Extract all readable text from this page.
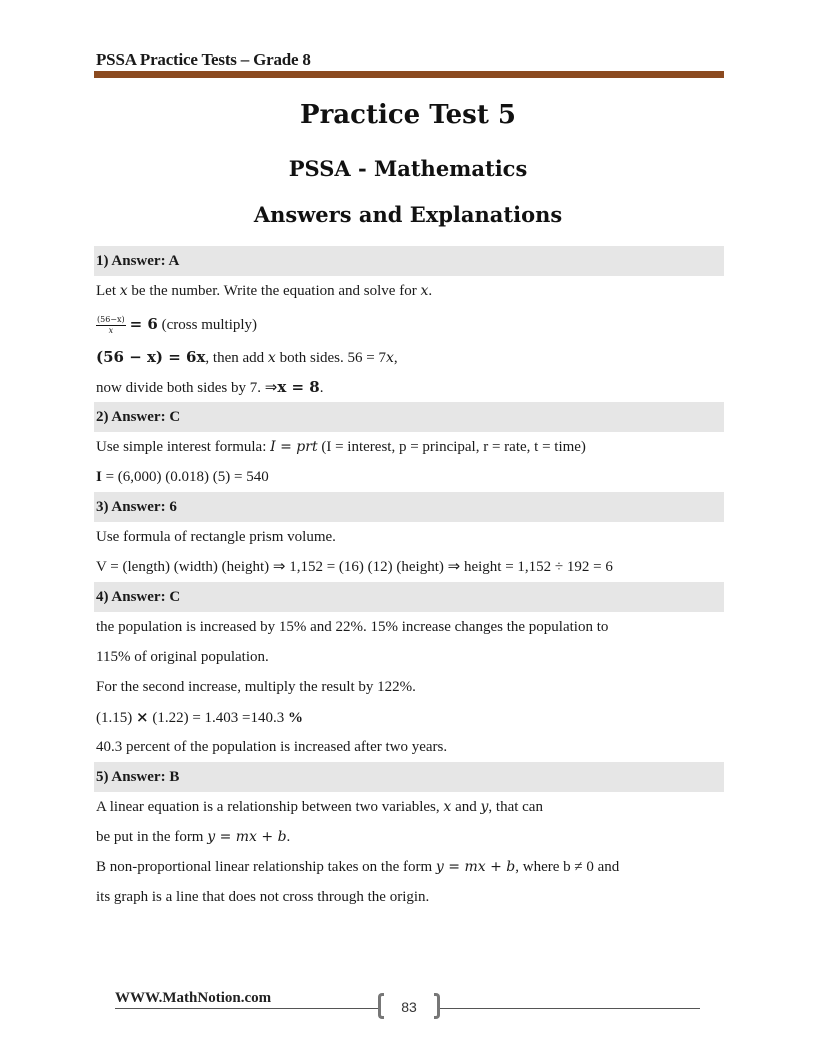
PSSA Practice Tests – Grade 8
Practice Test 5
PSSA - Mathematics
Answers and Explanations
1) Answer: A
Let x be the number. Write the equation and solve for x.
$\frac{(56-x)}{x} = 6$ (cross multiply)
(56 − x) = 6x, then add x both sides. 56 = 7x,
now divide both sides by 7. ⇒x = 8.
2) Answer: C
Use simple interest formula: I = prt (I = interest, p = principal, r = rate, t = time)
I = (6,000) (0.018) (5) = 540
3) Answer: 6
Use formula of rectangle prism volume.
V = (length) (width) (height) ⇒ 1,152 = (16) (12) (height) ⇒ height = 1,152 ÷ 192 = 6
4) Answer: C
the population is increased by 15% and 22%. 15% increase changes the population to
115% of original population.
For the second increase, multiply the result by 122%.
(1.15) × (1.22) = 1.403 =140.3 %
40.3 percent of the population is increased after two years.
5) Answer: B
A linear equation is a relationship between two variables, x and y, that can
be put in the form y = mx + b.
B non-proportional linear relationship takes on the form y = mx + b, where b ≠ 0 and
its graph is a line that does not cross through the origin.
WWW.MathNotion.com
83
